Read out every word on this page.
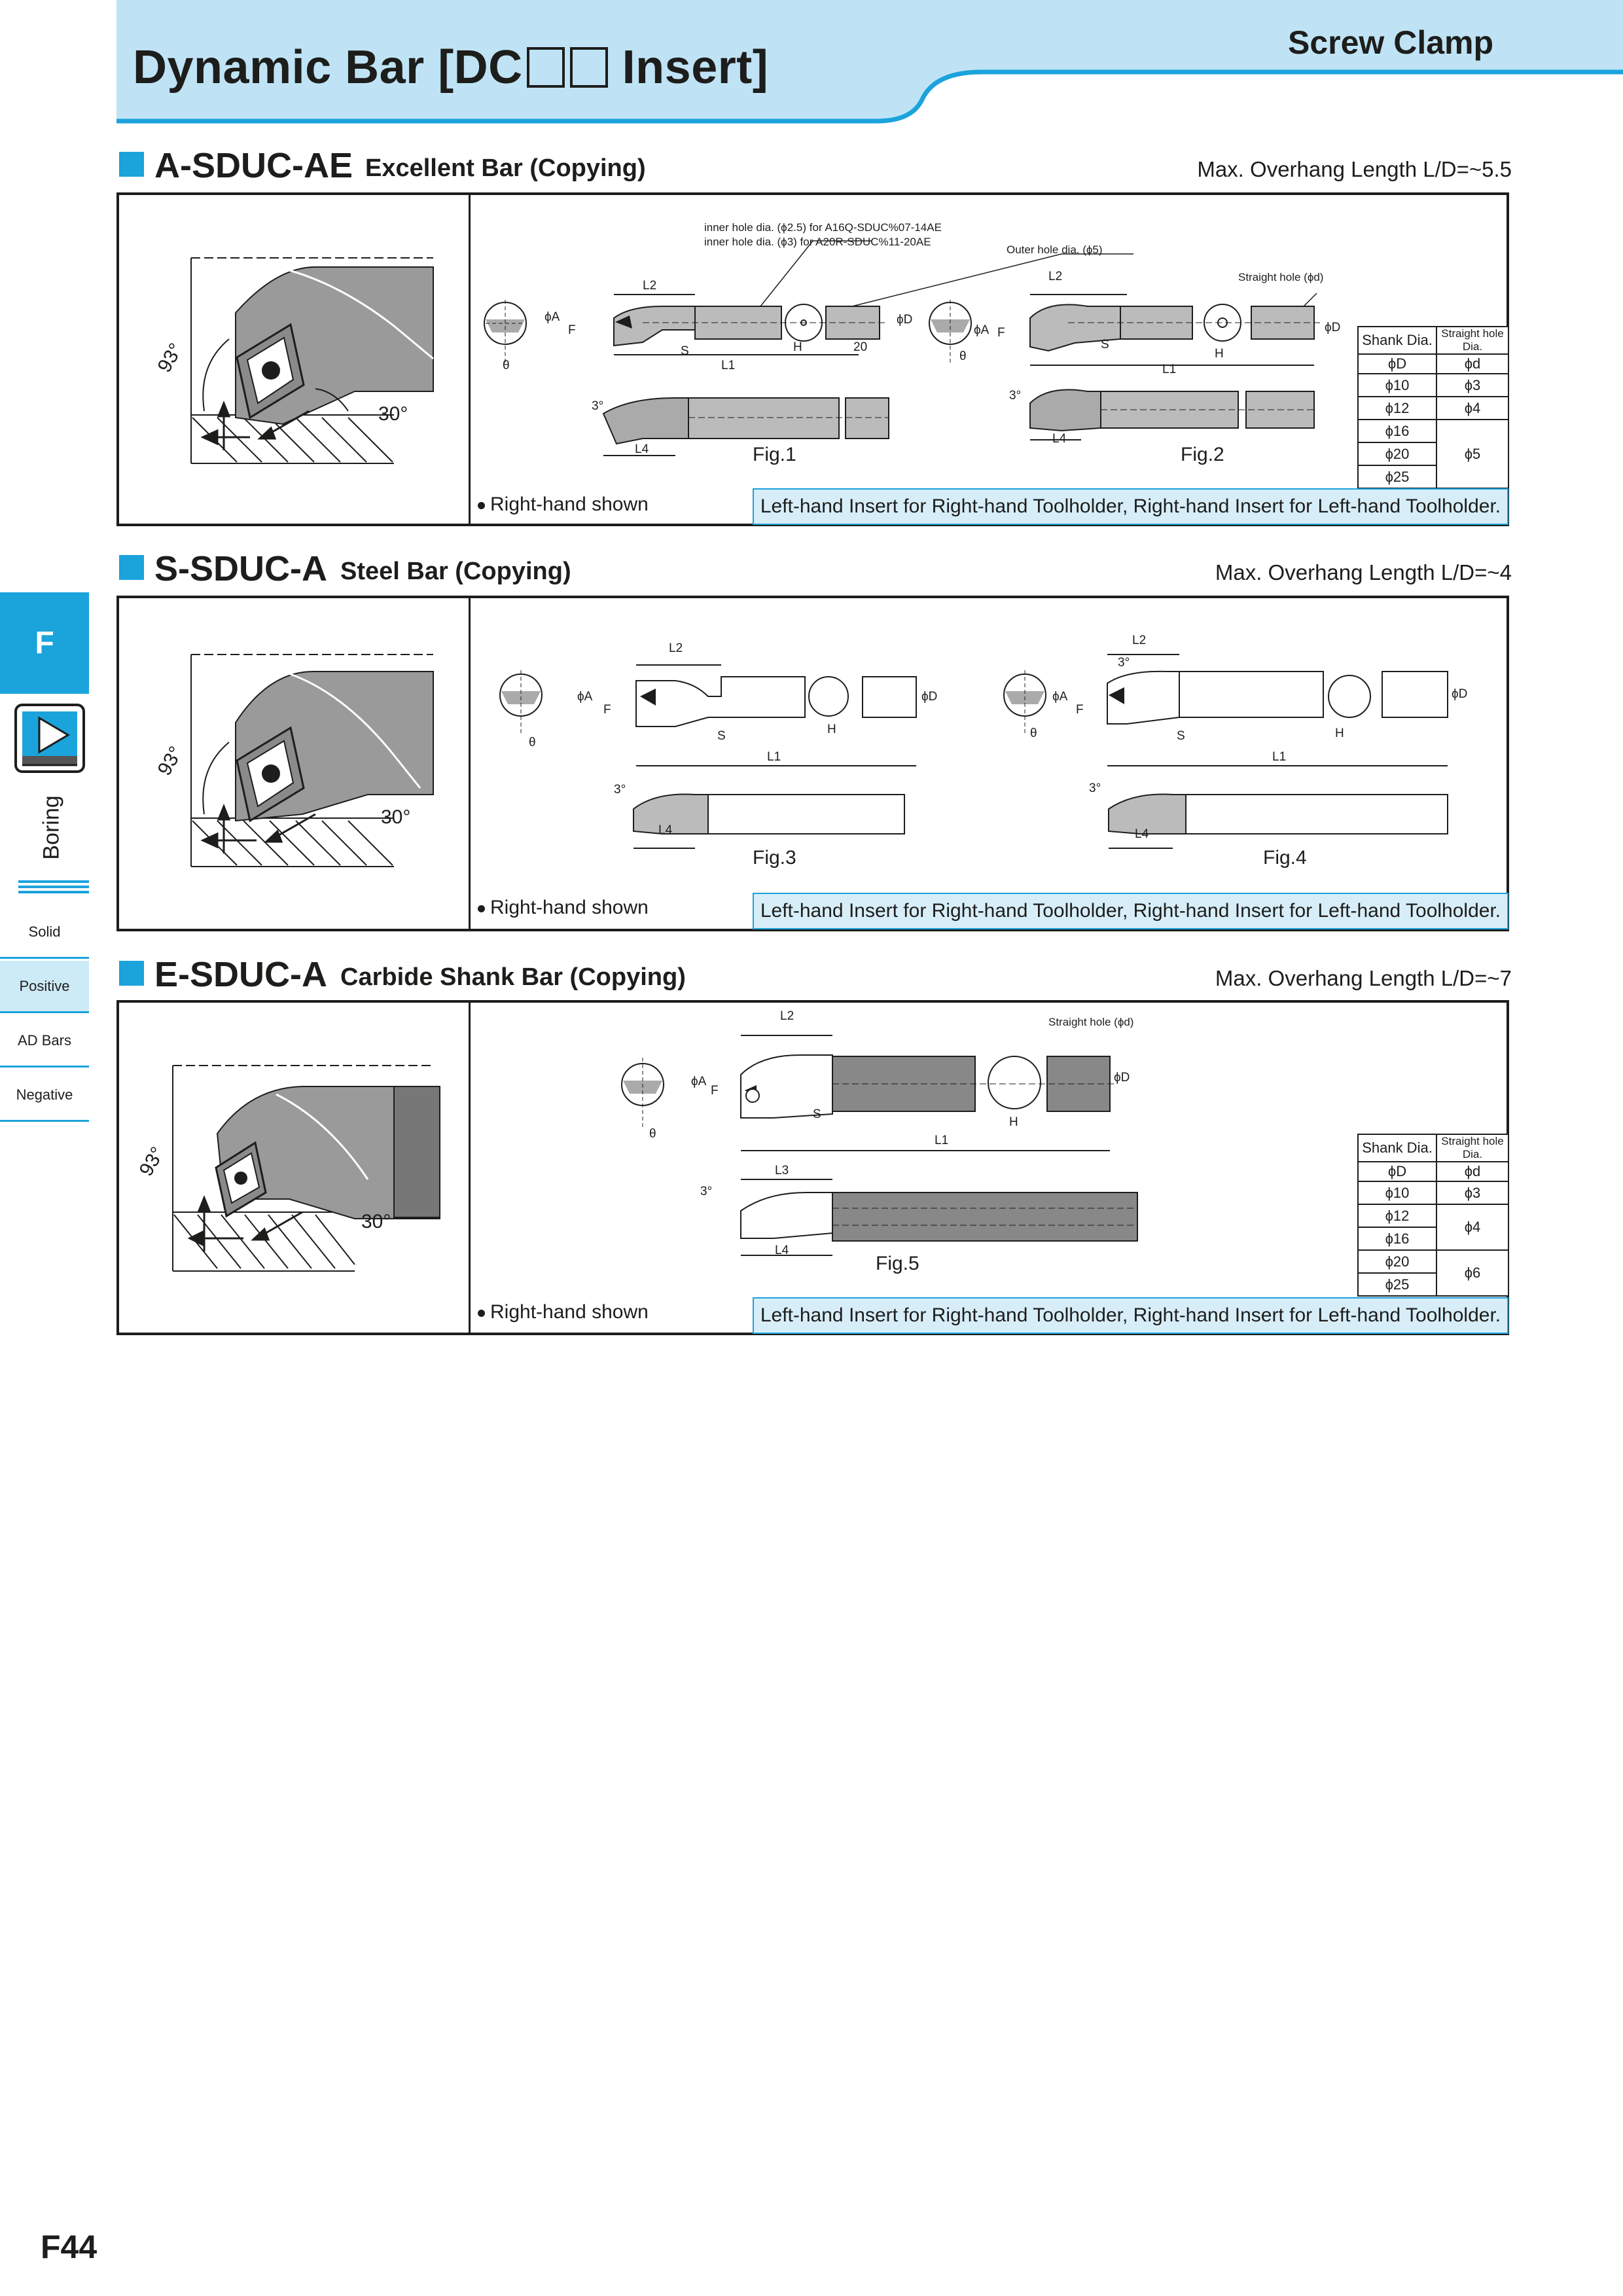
Dynamic Bar [DC Insert]	Screw Clamp
F
Boring
Solid
Positive
AD Bars
Negative
A-SDUC-AE Excellent Bar (Copying)	Max. Overhang Length L/D=~5.5
93°
30°
inner hole dia. (ϕ2.5) for A16Q-SDUC%07-14AE
inner hole dia. (ϕ3) for A20R-SDUC%11-20AE
Outer hole dia. (ϕ5)
Straight hole (ϕd)
L2
L2
L1	L1
H	H
20
S	S
F	F
ϕA
ϕA
ϕD
ϕD
θ
θ
3°
3°
L4
L4
Fig.1	Fig.2
Shank Dia.	Straight hole Dia.
ϕD	ϕd
ϕ10	ϕ3
ϕ12	ϕ4
ϕ16	ϕ5
ϕ20	
ϕ25	
Right-hand shown	Left-hand Insert for Right-hand Toolholder, Right-hand Insert for Left-hand Toolholder.
S-SDUC-A Steel Bar (Copying)	Max. Overhang Length L/D=~4
93°
30°
L2
L2
L1	L1
H	H
S	S
F	F
ϕA	ϕA
ϕD	ϕD
θ
θ
3°	3°
3°
L4	L4
Fig.3	Fig.4
Right-hand shown	Left-hand Insert for Right-hand Toolholder, Right-hand Insert for Left-hand Toolholder.
E-SDUC-A Carbide Shank Bar (Copying)	Max. Overhang Length L/D=~7
93°
30°
Straight hole (ϕd)
L2
L1
H
S
F
ϕA	ϕD
θ
3°
L3
L4
Fig.5
Shank Dia.	Straight hole Dia.
ϕD	ϕd
ϕ10	ϕ3
ϕ12	ϕ4
ϕ16	
ϕ20	ϕ6
ϕ25	
Right-hand shown	Left-hand Insert for Right-hand Toolholder, Right-hand Insert for Left-hand Toolholder.
F44
